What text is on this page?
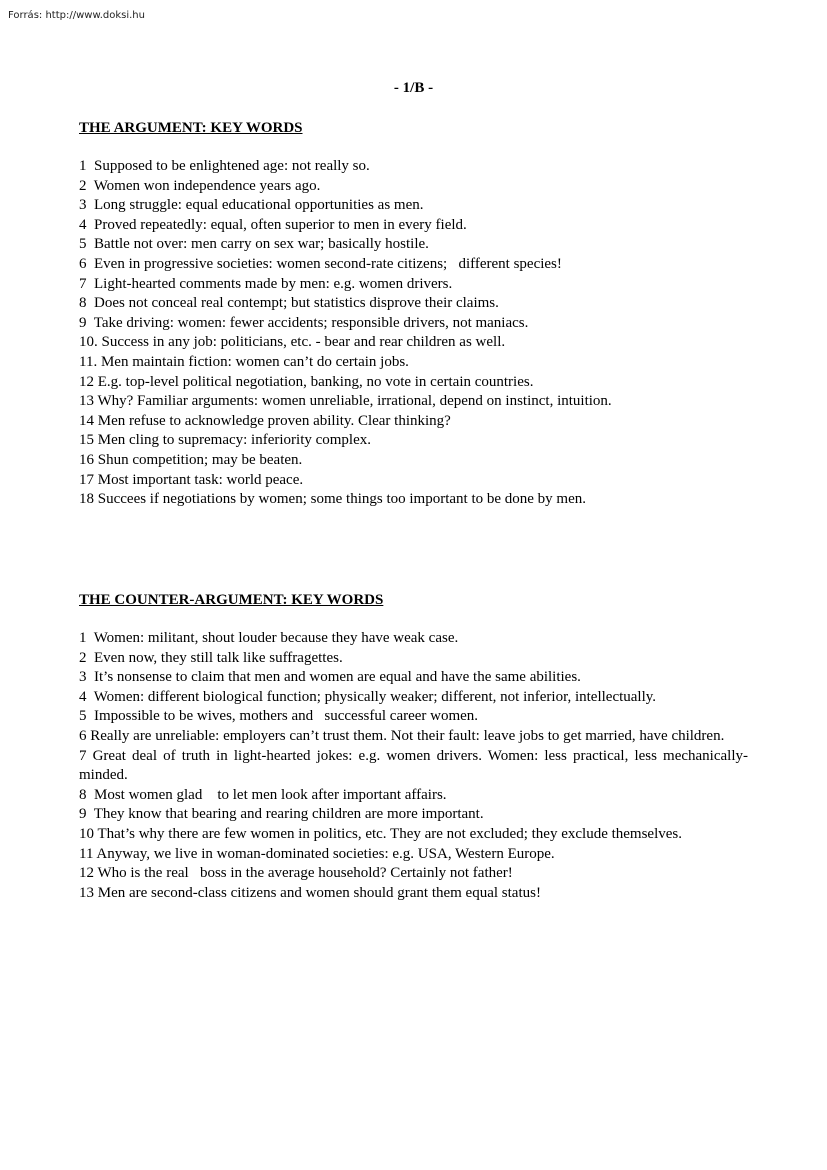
Forrás: http://www.doksi.hu
- 1/B -

THE ARGUMENT: KEY WORDS

1  Supposed to be enlightened age: not really so.
2  Women won independence years ago.
3  Long struggle: equal educational opportunities as men.
4  Proved repeatedly: equal, often superior to men in every field.
5  Battle not over: men carry on sex war; basically hostile.
6  Even in progressive societies: women second-rate citizens;   different species!
7  Light-hearted comments made by men: e.g. women drivers.
8  Does not conceal real contempt; but statistics disprove their claims.
9  Take driving: women: fewer accidents; responsible drivers, not maniacs.
10. Success in any job: politicians, etc. - bear and rear children as well.
11. Men maintain fiction: women can’t do certain jobs.
12 E.g. top-level political negotiation, banking, no vote in certain countries.
13 Why? Familiar arguments: women unreliable, irrational, depend on instinct, intuition.
14 Men refuse to acknowledge proven ability. Clear thinking?
15 Men cling to supremacy: inferiority complex.
16 Shun competition; may be beaten.
17 Most important task: world peace.
18 Succees if negotiations by women; some things too important to be done by men.

THE COUNTER-ARGUMENT: KEY WORDS

1  Women: militant, shout louder because they have weak case.
2  Even now, they still talk like suffragettes.
3  It’s nonsense to claim that men and women are equal and have the same abilities.
4  Women: different biological function; physically weaker; different, not inferior, intellectually.
5  Impossible to be wives, mothers and   successful career women.
6 Really are unreliable: employers can’t trust them. Not their fault: leave jobs to get married, have children.
7 Great deal of truth in light-hearted jokes: e.g. women drivers. Women: less practical, less mechanically-minded.
8  Most women glad    to let men look after important affairs.
9  They know that bearing and rearing children are more important.
10 That’s why there are few women in politics, etc. They are not excluded; they exclude themselves.
11 Anyway, we live in woman-dominated societies: e.g. USA, Western Europe.
12 Who is the real   boss in the average household? Certainly not father!
13 Men are second-class citizens and women should grant them equal status!
